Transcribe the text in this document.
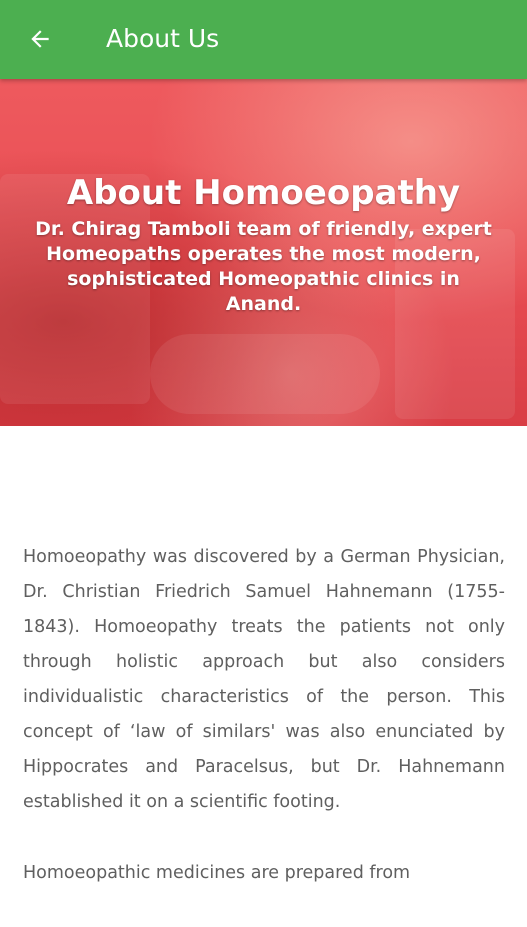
About Us
About Homoeopathy
Dr. Chirag Tamboli team of friendly, expert Homeopaths operates the most modern, sophisticated Homeopathic clinics in Anand.

Homoeopathy was discovered by a German Physician, Dr. Christian Friedrich Samuel Hahnemann (1755-1843). Homoeopathy treats the patients not only through holistic approach but also considers individualistic characteristics of the person. This concept of ‘law of similars' was also enunciated by Hippocrates and Paracelsus, but Dr. Hahnemann established it on a scientific footing.

Homoeopathic medicines are prepared from
